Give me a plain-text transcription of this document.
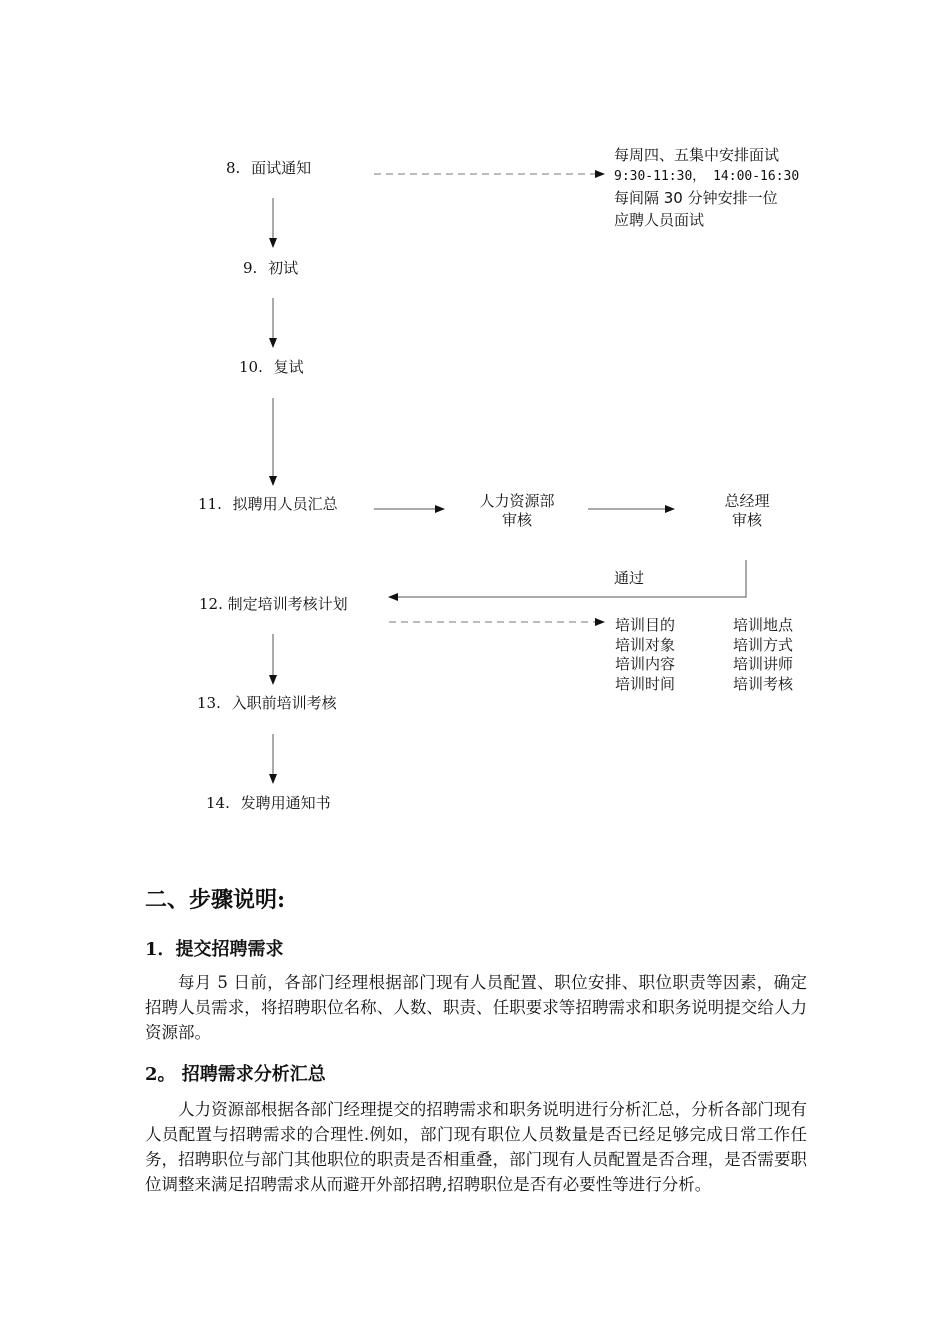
8. 面试通知
9. 初试
10. 复试
11. 拟聘用人员汇总
12. 制定培训考核计划
13. 入职前培训考核
14. 发聘用通知书
每周四、五集中安排面试
9:30-11:30， 14:00-16:30
每间隔 30 分钟安排一位
应聘人员面试
人力资源部
审核
总经理
审核
通过
培训目的	培训地点
培训对象	培训方式
培训内容	培训讲师
培训时间	培训考核
二、步骤说明:
1．提交招聘需求

每月 5 日前，各部门经理根据部门现有人员配置、职位安排、职位职责等因素，确定招聘人员需求，将招聘职位名称、人数、职责、任职要求等招聘需求和职务说明提交给人力资源部。

2。 招聘需求分析汇总

人力资源部根据各部门经理提交的招聘需求和职务说明进行分析汇总，分析各部门现有人员配置与招聘需求的合理性.例如，部门现有职位人员数量是否已经足够完成日常工作任务，招聘职位与部门其他职位的职责是否相重叠，部门现有人员配置是否合理，是否需要职位调整来满足招聘需求从而避开外部招聘,招聘职位是否有必要性等进行分析。
